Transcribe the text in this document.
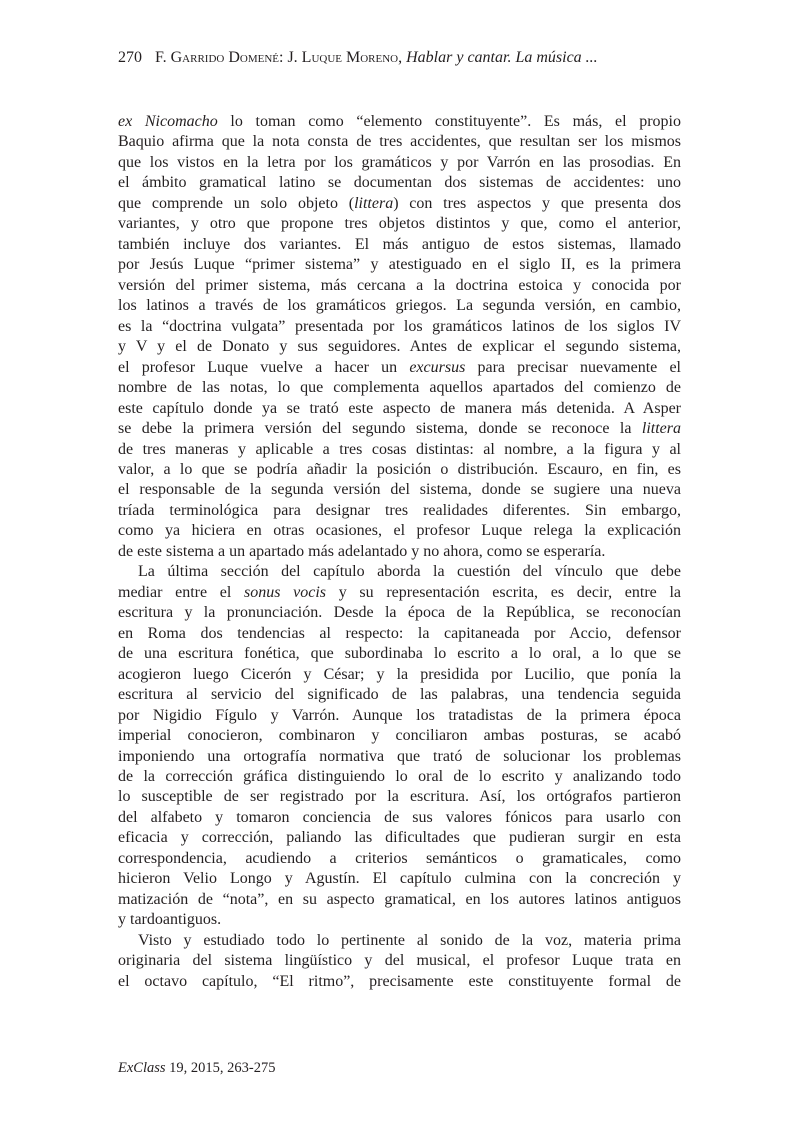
270 F. Garrido Domené: J. Luque Moreno, Hablar y cantar. La música ...
ex Nicomacho lo toman como “elemento constituyente”. Es más, el propio
Baquio afirma que la nota consta de tres accidentes, que resultan ser los mismos
que los vistos en la letra por los gramáticos y por Varrón en las prosodias. En
el ámbito gramatical latino se documentan dos sistemas de accidentes: uno
que comprende un solo objeto (littera) con tres aspectos y que presenta dos
variantes, y otro que propone tres objetos distintos y que, como el anterior,
también incluye dos variantes. El más antiguo de estos sistemas, llamado
por Jesús Luque “primer sistema” y atestiguado en el siglo II, es la primera
versión del primer sistema, más cercana a la doctrina estoica y conocida por
los latinos a través de los gramáticos griegos. La segunda versión, en cambio,
es la “doctrina vulgata” presentada por los gramáticos latinos de los siglos IV
y V y el de Donato y sus seguidores. Antes de explicar el segundo sistema,
el profesor Luque vuelve a hacer un excursus para precisar nuevamente el
nombre de las notas, lo que complementa aquellos apartados del comienzo de
este capítulo donde ya se trató este aspecto de manera más detenida. A Asper
se debe la primera versión del segundo sistema, donde se reconoce la littera
de tres maneras y aplicable a tres cosas distintas: al nombre, a la figura y al
valor, a lo que se podría añadir la posición o distribución. Escauro, en fin, es
el responsable de la segunda versión del sistema, donde se sugiere una nueva
tríada terminológica para designar tres realidades diferentes. Sin embargo,
como ya hiciera en otras ocasiones, el profesor Luque relega la explicación
de este sistema a un apartado más adelantado y no ahora, como se esperaría.
La última sección del capítulo aborda la cuestión del vínculo que debe
mediar entre el sonus vocis y su representación escrita, es decir, entre la
escritura y la pronunciación. Desde la época de la República, se reconocían
en Roma dos tendencias al respecto: la capitaneada por Accio, defensor
de una escritura fonética, que subordinaba lo escrito a lo oral, a lo que se
acogieron luego Cicerón y César; y la presidida por Lucilio, que ponía la
escritura al servicio del significado de las palabras, una tendencia seguida
por Nigidio Fígulo y Varrón. Aunque los tratadistas de la primera época
imperial conocieron, combinaron y conciliaron ambas posturas, se acabó
imponiendo una ortografía normativa que trató de solucionar los problemas
de la corrección gráfica distinguiendo lo oral de lo escrito y analizando todo
lo susceptible de ser registrado por la escritura. Así, los ortógrafos partieron
del alfabeto y tomaron conciencia de sus valores fónicos para usarlo con
eficacia y corrección, paliando las dificultades que pudieran surgir en esta
correspondencia, acudiendo a criterios semánticos o gramaticales, como
hicieron Velio Longo y Agustín. El capítulo culmina con la concreción y
matización de “nota”, en su aspecto gramatical, en los autores latinos antiguos
y tardoantiguos.
Visto y estudiado todo lo pertinente al sonido de la voz, materia prima
originaria del sistema lingüístico y del musical, el profesor Luque trata en
el octavo capítulo, “El ritmo”, precisamente este constituyente formal de
ExClass 19, 2015, 263-275
